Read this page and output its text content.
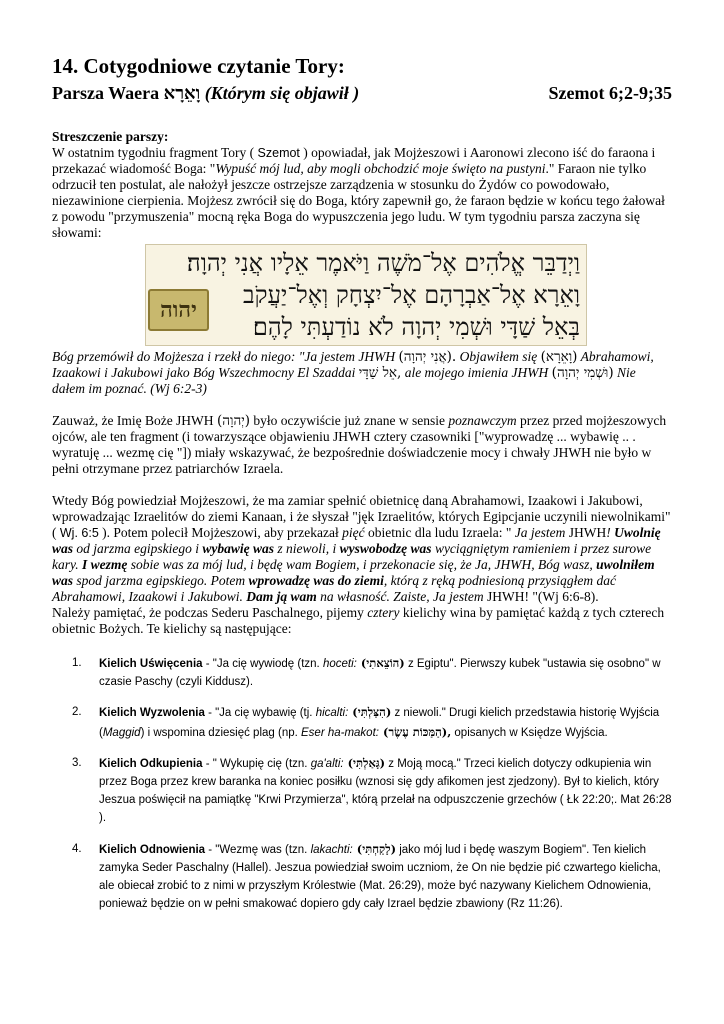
14. Cotygodniowe czytanie Tory:
Parsza Waera וָאֵרָא (Którym się objawił )	Szemot 6;2-9;35
Streszczenie parszy:

W ostatnim tygodniu fragment Tory ( Szemot ) opowiadał, jak Mojżeszowi i Aaronowi zlecono iść do faraona i przekazać wiadomość Boga: "Wypuść mój lud, aby mogli obchodzić moje święto na pustyni." Faraon nie tylko odrzucił ten postulat, ale nałożył jeszcze ostrzejsze zarządzenia w stosunku do Żydów co powodowało, niezawinione cierpienia. Mojżesz zwrócił się do Boga, który zapewnił go, że faraon będzie w końcu tego żałował z powodu "przymuszenia" mocną ręka Boga do wypuszczenia jego ludu. W tym tygodniu parsza zaczyna się słowami:

וַיְדַבֵּר אֱלֹהִים אֶל־מֹשֶׁה וַיֹּאמֶר אֵלָיו אֲנִי יְהוָה׃
וָאֵרָא אֶל־אַבְרָהָם אֶל־יִצְחָק וְאֶל־יַעֲקֹב
בְּאֵל שַׁדָּי וּשְׁמִי יְהוָה לֹא נוֹדַעְתִּי לָהֶם׃
יהוה

Bóg przemówił do Mojżesza i rzekł do niego: "Ja jestem JHWH (אֲנִי יְהוָה). Objawiłem się (וָאֵרָא) Abrahamowi, Izaakowi i Jakubowi jako Bóg Wszechmocny El Szaddai אֵל שַׁדָּי, ale mojego imienia JHWH (וּשְׁמִי יְהוָה) Nie dałem im poznać. (Wj 6:2-3)

Zauważ, że Imię Boże JHWH (יְהוָה) było oczywiście już znane w sensie poznawczym przez przed mojżeszowych ojców, ale ten fragment (i towarzyszące objawieniu JHWH cztery czasowniki ["wyprowadzę ... wybawię .. . wyratuję ... wezmę cię "]) miały wskazywać, że bezpośrednie doświadczenie mocy i chwały JHWH nie było w pełni otrzymane przez patriarchów Izraela.

Wtedy Bóg powiedział Mojżeszowi, że ma zamiar spełnić obietnicę daną Abrahamowi, Izaakowi i Jakubowi, wprowadzając Izraelitów do ziemi Kanaan, i że słyszał "jęk Izraelitów, których Egipcjanie uczynili niewolnikami" ( Wj. 6:5 ). Potem polecił Mojżeszowi, aby przekazał pięć obietnic dla ludu Izraela: " Ja jestem JHWH! Uwolnię was od jarzma egipskiego i wybawię was z niewoli, i wyswobodzę was wyciągniętym ramieniem i przez surowe kary. I wezmę sobie was za mój lud, i będę wam Bogiem, i przekonacie się, że Ja, JHWH, Bóg wasz, uwolniłem was spod jarzma egipskiego. Potem wprowadzę was do ziemi, którą z ręką podniesioną przysiągłem dać Abrahamowi, Izaakowi i Jakubowi. Dam ją wam na własność. Zaiste, Ja jestem JHWH! "(Wj 6:6-8).

Należy pamiętać, że podczas Sederu Paschalnego, pijemy cztery kielichy wina by pamiętać każdą z tych czterech obietnic Bożych. Te kielichy są następujące:

1. Kielich Uświęcenia - "Ja cię wywiodę (tzn. hoceti: (הוֹצֵאתִי) z Egiptu". Pierwszy kubek "ustawia się osobno" w czasie Paschy (czyli Kiddusz).
2. Kielich Wyzwolenia - "Ja cię wybawię (tj. hicalti: (הִצַּלְתִּי) z niewoli." Drugi kielich przedstawia historię Wyjścia (Maggid) i wspomina dziesięć plag (np. Eser ha-makot: (הַמַּכּוֹת עֶשֶׂר), opisanych w Księdze Wyjścia.
3. Kielich Odkupienia - " Wykupię cię (tzn. ga'alti: (גָּאַלְתִּי) z Moją mocą." Trzeci kielich dotyczy odkupienia win przez Boga przez krew baranka na koniec posiłku (wznosi się gdy afikomen jest zjedzony). Był to kielich, który Jeszua poświęcił na pamiątkę "Krwi Przymierza", którą przelał na odpuszczenie grzechów ( Łk 22:20;. Mat 26:28 ).
4. Kielich Odnowienia - "Wezmę was (tzn. lakachti: (לָקַחְתִּי) jako mój lud i będę waszym Bogiem". Ten kielich zamyka Seder Paschalny (Hallel). Jeszua powiedział swoim uczniom, że On nie będzie pić czwartego kielicha, ale obiecał zrobić to z nimi w przyszłym Królestwie (Mat. 26:29), może być nazywany Kielichem Odnowienia, ponieważ będzie on w pełni smakować dopiero gdy cały Izrael będzie zbawiony (Rz 11:26).
